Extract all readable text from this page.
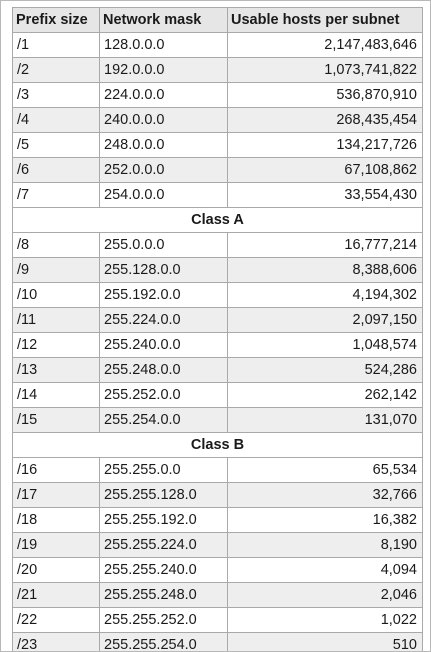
Prefix size	Network mask	Usable hosts per subnet
/1	128.0.0.0	2,147,483,646
/2	192.0.0.0	1,073,741,822
/3	224.0.0.0	536,870,910
/4	240.0.0.0	268,435,454
/5	248.0.0.0	134,217,726
/6	252.0.0.0	67,108,862
/7	254.0.0.0	33,554,430
Class A		
/8	255.0.0.0	16,777,214
/9	255.128.0.0	8,388,606
/10	255.192.0.0	4,194,302
/11	255.224.0.0	2,097,150
/12	255.240.0.0	1,048,574
/13	255.248.0.0	524,286
/14	255.252.0.0	262,142
/15	255.254.0.0	131,070
Class B		
/16	255.255.0.0	65,534
/17	255.255.128.0	32,766
/18	255.255.192.0	16,382
/19	255.255.224.0	8,190
/20	255.255.240.0	4,094
/21	255.255.248.0	2,046
/22	255.255.252.0	1,022
/23	255.255.254.0	510
